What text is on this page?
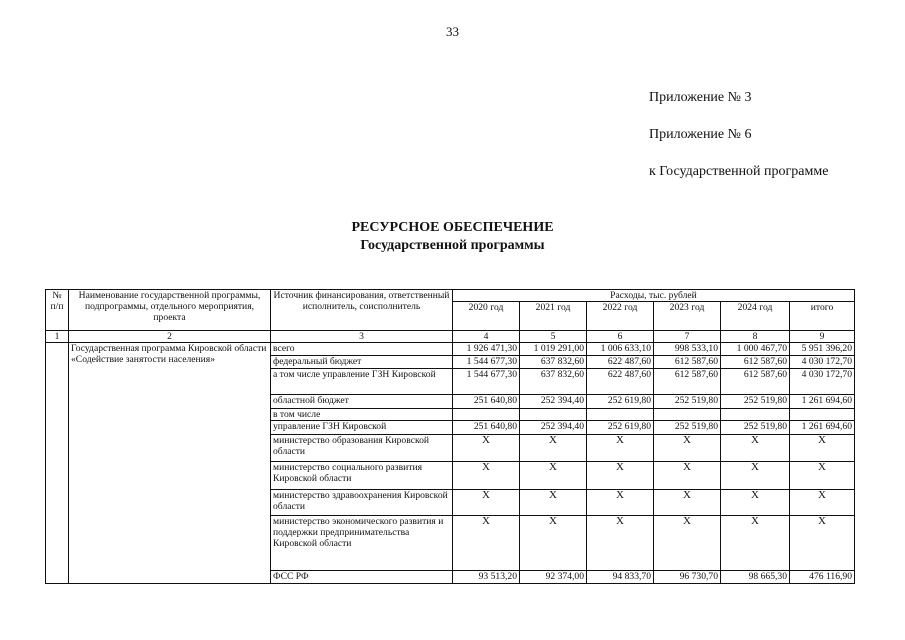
33
Приложение № 3
Приложение № 6
к Государственной программе
РЕСУРСНОЕ ОБЕСПЕЧЕНИЕ
Государственной программы
№ п/п	Наименование государственной программы, подпрограммы, отдельного мероприятия, проекта	Источник финансирования, ответственный исполнитель, соисполнитель	Расходы, тыс. рублей					
			2020 год	2021 год	2022 год	2023 год	2024 год	итого
1	2	3	4	5	6	7	8	9
	Государственная программа Кировской области «Содействие занятости населения»	всего	1 926 471,30	1 019 291,00	1 006 633,10	998 533,10	1 000 467,70	5 951 396,20
		федеральный бюджет	1 544 677,30	637 832,60	622 487,60	612 587,60	612 587,60	4 030 172,70
		а том числе управление ГЗН Кировской	1 544 677,30	637 832,60	622 487,60	612 587,60	612 587,60	4 030 172,70
		областной бюджет	251 640,80	252 394,40	252 619,80	252 519,80	252 519,80	1 261 694,60
		в том числе						
		управление ГЗН Кировской	251 640,80	252 394,40	252 619,80	252 519,80	252 519,80	1 261 694,60
		министерство образования Кировской области	X	X	X	X	X	X
		министерство социального развития Кировской области	X	X	X	X	X	X
		министерство здравоохранения Кировской области	X	X	X	X	X	X
		министерство экономического развития и поддержки предпринимательства Кировской области	X	X	X	X	X	X
		ФСС РФ	93 513,20	92 374,00	94 833,70	96 730,70	98 665,30	476 116,90
